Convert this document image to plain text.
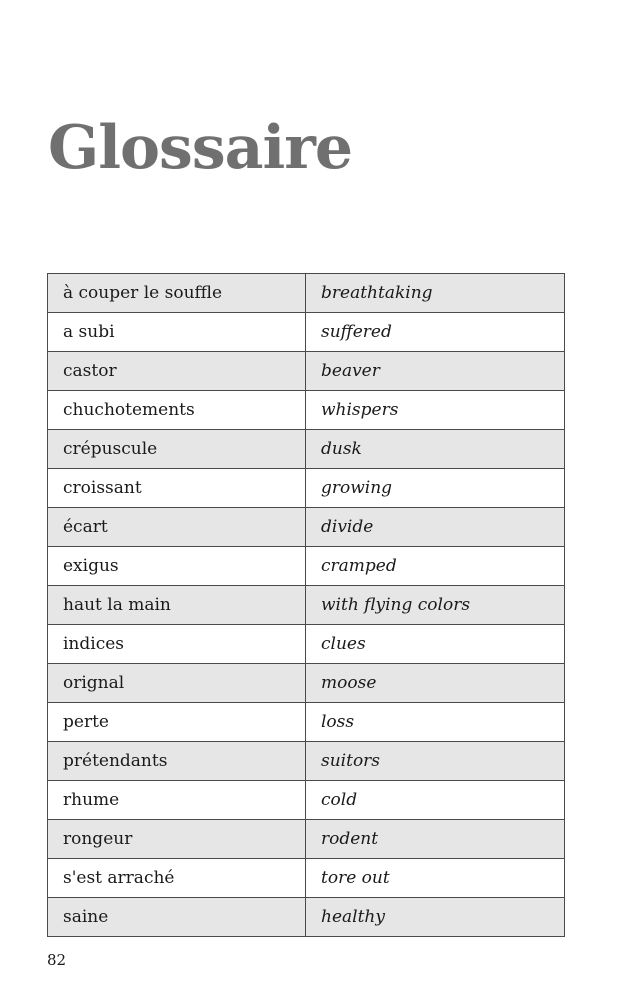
Glossaire
à couper le souffle	breathtaking
a subi	suffered
castor	beaver
chuchotements	whispers
crépuscule	dusk
croissant	growing
écart	divide
exigus	cramped
haut la main	with flying colors
indices	clues
orignal	moose
perte	loss
prétendants	suitors
rhume	cold
rongeur	rodent
s'est arraché	tore out
saine	healthy
82
